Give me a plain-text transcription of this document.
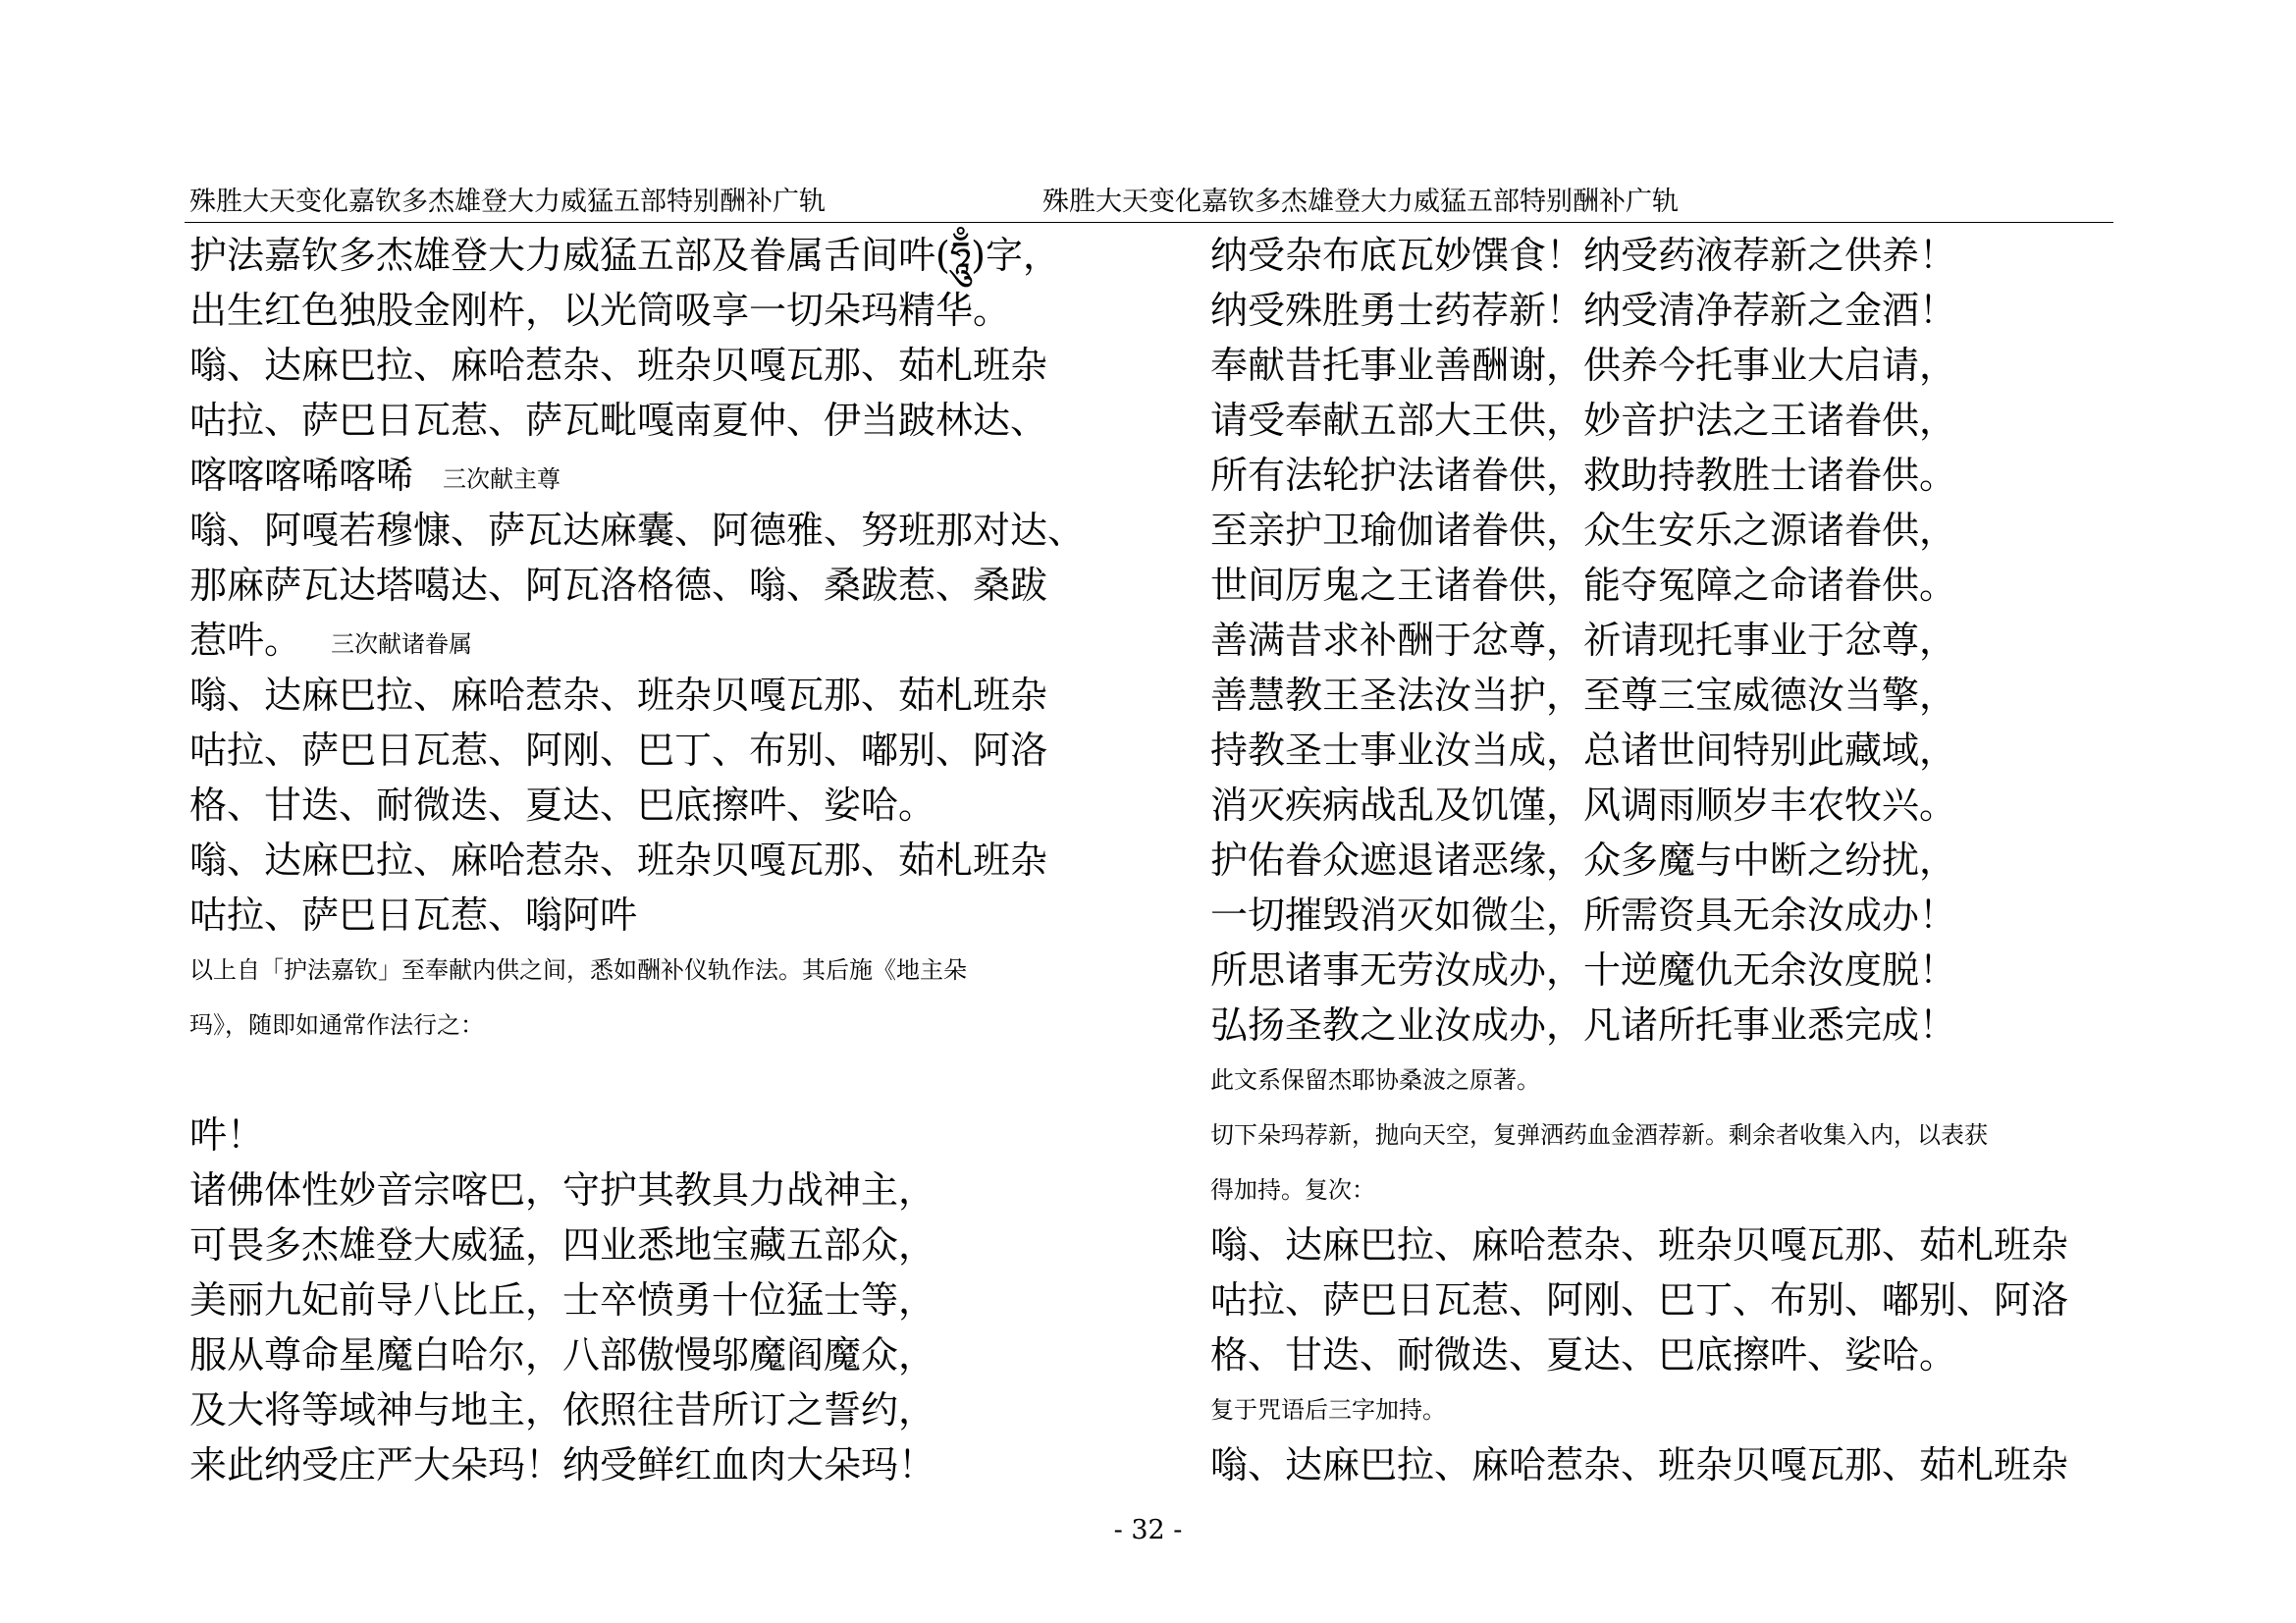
殊胜大天变化嘉钦多杰雄登大力威猛五部特别酬补广轨	殊胜大天变化嘉钦多杰雄登大力威猛五部特别酬补广轨
护法嘉钦多杰雄登大力威猛五部及眷属舌间吽(ཧཱུྃ)字，
出生红色独股金刚杵，以光筒吸享一切朵玛精华。
嗡、达麻巴拉、麻哈惹杂、班杂贝嘎瓦那、茹札班杂
咕拉、萨巴日瓦惹、萨瓦毗嘎南夏仲、伊当跛林达、
喀喀喀唏喀唏 三次献主尊
嗡、阿嘎若穆慷、萨瓦达麻囊、阿德雅、努班那对达、
那麻萨瓦达塔噶达、阿瓦洛格德、嗡、桑跋惹、桑跋
惹吽。 三次献诸眷属
嗡、达麻巴拉、麻哈惹杂、班杂贝嘎瓦那、茹札班杂
咕拉、萨巴日瓦惹、阿刚、巴丁、布别、嘟别、阿洛
格、甘迭、耐微迭、夏达、巴底擦吽、娑哈。
嗡、达麻巴拉、麻哈惹杂、班杂贝嘎瓦那、茹札班杂
咕拉、萨巴日瓦惹、嗡阿吽
以上自「护法嘉钦」至奉献内供之间，悉如酬补仪轨作法。其后施《地主朵
玛》，随即如通常作法行之：
吽！
诸佛体性妙音宗喀巴，守护其教具力战神主，
可畏多杰雄登大威猛，四业悉地宝藏五部众，
美丽九妃前导八比丘，士卒愤勇十位猛士等，
服从尊命星魔白哈尔，八部傲慢邬魔阎魔众，
及大将等域神与地主，依照往昔所订之誓约，
来此纳受庄严大朵玛！纳受鲜红血肉大朵玛！
纳受杂布底瓦妙馔食！纳受药液荐新之供养！
纳受殊胜勇士药荐新！纳受清净荐新之金酒！
奉献昔托事业善酬谢，供养今托事业大启请，
请受奉献五部大王供，妙音护法之王诸眷供，
所有法轮护法诸眷供，救助持教胜士诸眷供。
至亲护卫瑜伽诸眷供，众生安乐之源诸眷供，
世间厉鬼之王诸眷供，能夺冤障之命诸眷供。
善满昔求补酬于忿尊，祈请现托事业于忿尊，
善慧教王圣法汝当护，至尊三宝威德汝当擎，
持教圣士事业汝当成，总诸世间特别此藏域，
消灭疾病战乱及饥馑，风调雨顺岁丰农牧兴。
护佑眷众遮退诸恶缘，众多魔与中断之纷扰，
一切摧毁消灭如微尘，所需资具无余汝成办！
所思诸事无劳汝成办，十逆魔仇无余汝度脱！
弘扬圣教之业汝成办，凡诸所托事业悉完成！
此文系保留杰耶协桑波之原著。
切下朵玛荐新，抛向天空，复弹洒药血金酒荐新。剩余者收集入内，以表获
得加持。复次：
嗡、达麻巴拉、麻哈惹杂、班杂贝嘎瓦那、茹札班杂
咕拉、萨巴日瓦惹、阿刚、巴丁、布别、嘟别、阿洛
格、甘迭、耐微迭、夏达、巴底擦吽、娑哈。
复于咒语后三字加持。
嗡、达麻巴拉、麻哈惹杂、班杂贝嘎瓦那、茹札班杂
- 32 -
